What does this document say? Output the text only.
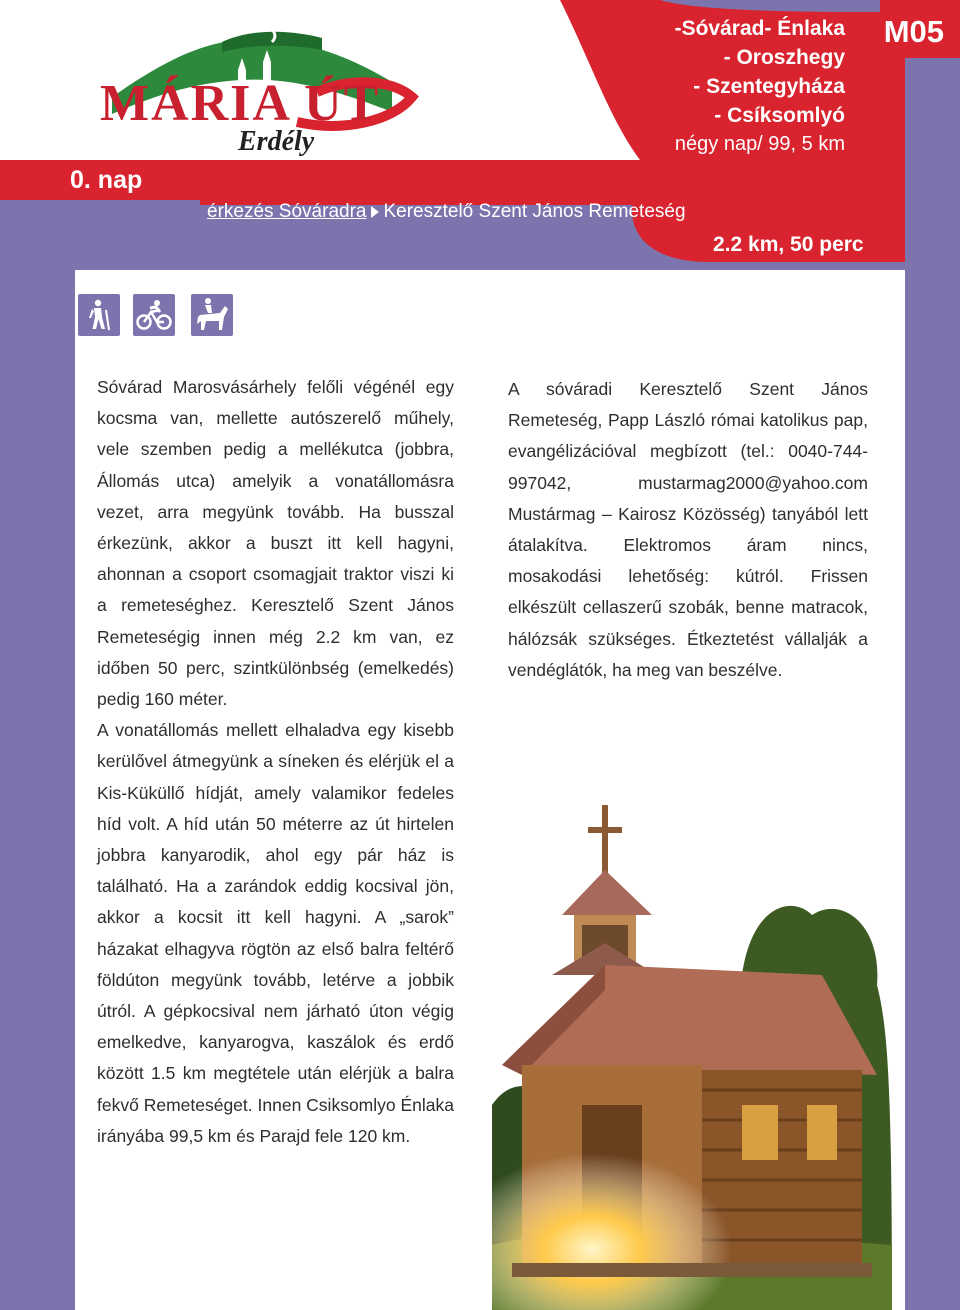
MÁRIA ÚT
Erdély
0. nap
-Sóvárad- Énlaka
- Oroszhegy
- Szentegyháza
- Csíksomlyó
négy nap/ 99, 5 km
M05
érkezés Sóváradra Keresztelő Szent János Remeteség
2.2 km, 50 perc

Sóvárad Marosvásárhely felőli végénél egy kocsma van, mellette autószerelő műhely, vele szemben pedig a mellékutca (jobbra, Állomás utca) amelyik a vonatállomásra vezet, arra megyünk tovább. Ha busszal érkezünk, akkor a buszt itt kell hagyni, ahonnan a csoport csomagjait traktor viszi ki a remeteséghez. Keresztelő Szent János Remeteségig innen még 2.2 km van, ez időben 50 perc, szintkülönbség (emelkedés) pedig 160 méter.

A vonatállomás mellett elhaladva egy kisebb kerülővel átmegyünk a síneken és elérjük el a Kis-Küküllő hídját, amely valamikor fedeles híd volt. A híd után 50 méterre az út hirtelen jobbra kanyarodik, ahol egy pár ház is található. Ha a zarándok eddig kocsival jön, akkor a kocsit itt kell hagyni. A „sarok” házakat elhagyva rögtön az első balra feltérő földúton megyünk tovább, letérve a jobbik útról. A gépkocsival nem járható úton végig emelkedve, kanyarogva, kaszálok és erdő között 1.5 km megtétele után elérjük a balra fekvő Remeteséget. Innen Csiksomlyo Énlaka irányába 99,5 km és Parajd fele 120 km.

A sóváradi Keresztelő Szent János Remeteség, Papp László római katolikus pap, evangélizációval megbízott (tel.: 0040-744-997042, mustarmag2000@yahoo.com Mustármag – Kairosz Közösség) tanyából lett átalakítva. Elektromos áram nincs, mosakodási lehetőség: kútról. Frissen elkészült cellaszerű szobák, benne matracok, hálózsák szükséges. Étkeztetést vállalják a vendéglátók, ha meg van beszélve.
